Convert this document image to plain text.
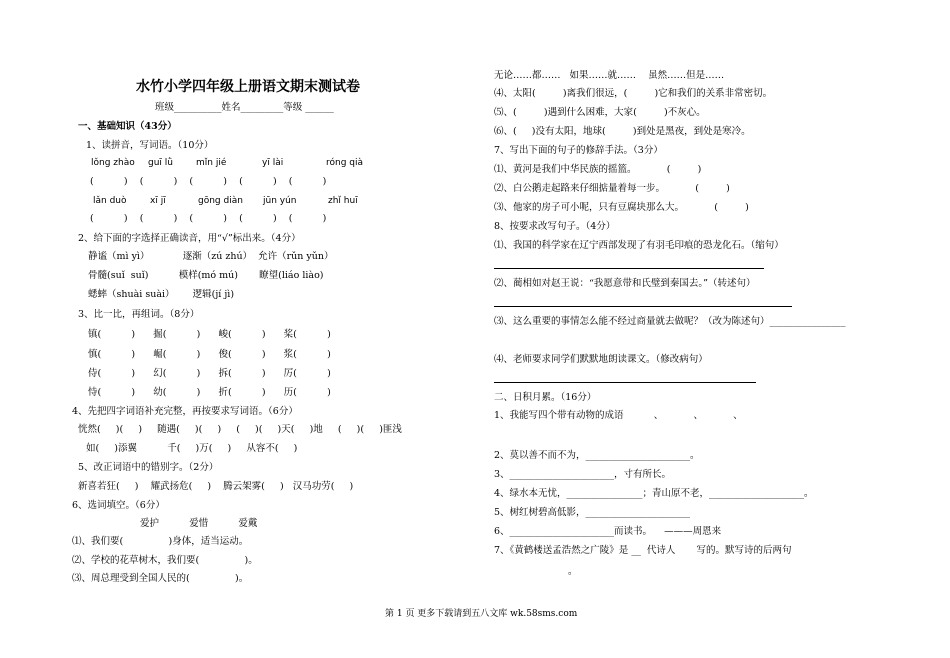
水竹小学四年级上册语文期末测试卷
班级__________姓名_________等级 ______
一、基础知识（43分）
1、读拼音，写词语。（10分）
lǒng zhào guī lǜ	mǐn jié	yī lài	róng qià
(          )    (          )    (          )    (          )    (          )
lǎn duò	xī jī	gōng diàn jūn yún	zhǐ huī
(          )    (          )    (          )    (          )    (          )
2、给下面的字选择正确读音，用“√”标出来。（4分）
静谧（mì yì）           逐渐（zú zhú）  允许（rǔn yǔn）
骨髓(suǐ  suǐ)          模样(mó mú)       瞭望(liáo liào)
蟋蟀（shuài suài）      逻辑(jí jì)
3、比一比，再组词。（8分）
镇(          )      掘(          )      峻(          )      桨(          )
慎(          )      崛(          )      俊(          )      浆(          )
侍(          )      幻(          )      拆(          )      厉(          )
恃(          )      幼(          )      折(          )      历(          )
4、先把四字词语补充完整，再按要求写词语。（6分）
恍然(     )(     )     随遇(     )(     )     (     )(     )天(     )地     (     )(     )匪浅
如(     )添翼          千(     )万(     )     从容不(     )
5、改正词语中的错别字。（2分）
新喜若狂(     )    耀武扬危(     )    腾云架雾(     )   汉马功劳(     )
6、选词填空。（6分）
爱护          爱惜          爱戴
⑴、我们要(               )身体，适当运动。
⑵、学校的花草树木，我们要(               )。
⑶、周总理受到全国人民的(               )。
无论……都……   如果……就……    虽然……但是……
⑷、太阳(         )离我们很远，(         )它和我们的关系非常密切。
⑸、(         )遇到什么困难，大家(         )不灰心。
⑹、(     )没有太阳，地球(         )到处是黑夜，到处是寒冷。
7、写出下面的句子的修辞手法。（3分）
⑴、黄河是我们中华民族的摇篮。          (         )
⑵、白公鹅走起路来仔细掂量着每一步。          (         )
⑶、他家的房子可小呢，只有豆腐块那么大。          (         )
8、按要求改写句子。（4分）
⑴、我国的科学家在辽宁西部发现了有羽毛印痕的恐龙化石。（缩句）
⑵、蔺相如对赵王说：“我愿意带和氏璧到秦国去。”（转述句）
⑶、这么重要的事情怎么能不经过商量就去做呢？（改为陈述句）________________
⑷、老师要求同学们默默地朗读课文。（修改病句）
二、日积月累。（16分）
1、我能写四个带有动物的成语          、          、          、
2、莫以善不而不为，______________________。
3、______________________，寸有所长。
4、绿水本无忧，________________；青山原不老，____________________。
5、树红树碧高低影，______________________
6、______________________而读书。    ———周恩来
7、《黄鹤楼送孟浩然之广陵》是 __  代诗人       写的。默写诗的后两句
。
第 1 页 更多下载请到五八文库 wk.58sms.com
